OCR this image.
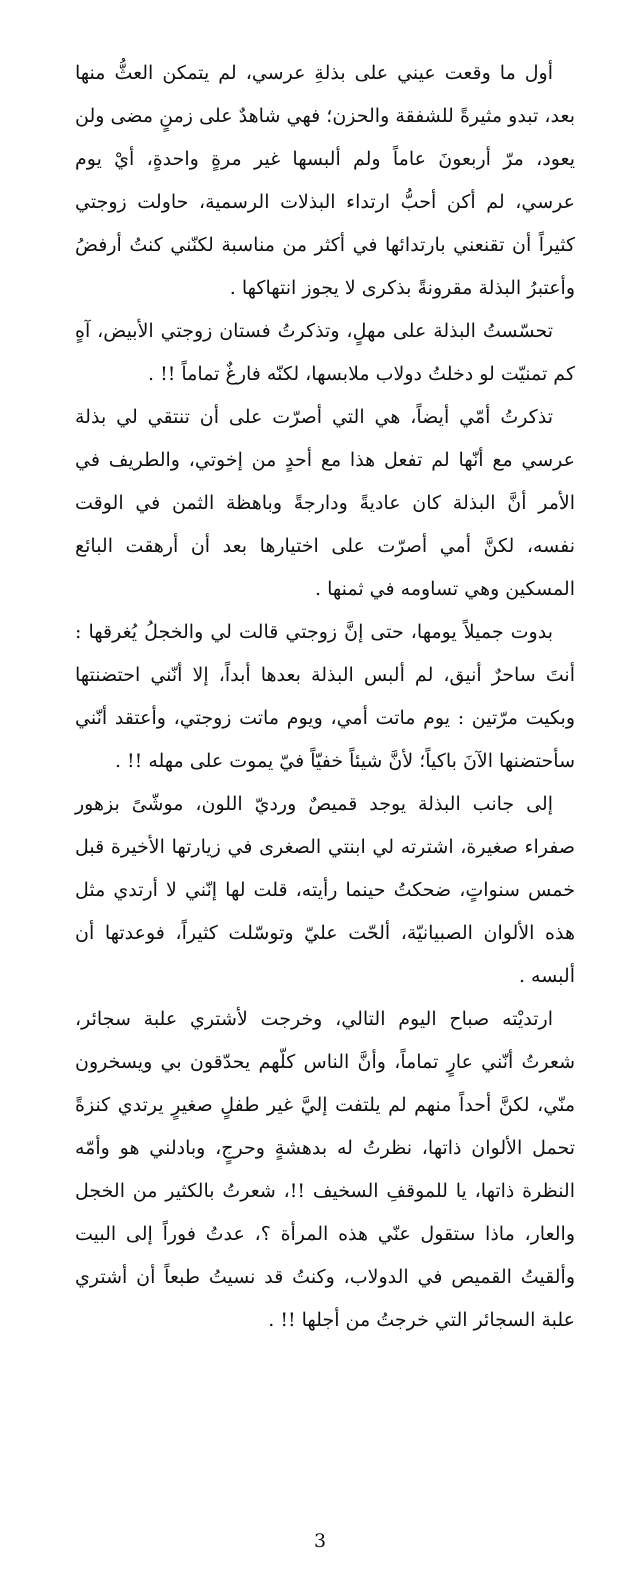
أول ما وقعت عيني على بذلةِ عرسي، لم يتمكن العثُّ منها بعد، تبدو مثيرةً للشفقة والحزن؛ فهي شاهدٌ على زمنٍ مضى ولن يعود، مرّ أربعونَ عاماً ولم ألبسها غير مرةٍ واحدةٍ، أيْ يوم عرسي، لم أكن أحبُّ ارتداء البذلات الرسمية، حاولت زوجتي كثيراً أن تقنعني بارتدائها في أكثر من مناسبة لكنّني كنتُ أرفضُ وأعتبرُ البذلة مقرونةً بذكرى لا يجوز انتهاكها .

تحسّستُ البذلة على مهلٍ، وتذكرتُ فستان زوجتي الأبيض، آهٍ كم تمنيّت لو دخلتُ دولاب ملابسها، لكنّه فارغٌ تماماً !! .

تذكرتُ أمّي أيضاً، هي التي أصرّت على أن تنتقي لي بذلة عرسي مع أنّها لم تفعل هذا مع أحدٍ من إخوتي، والطريف في الأمر أنَّ البذلة كان عاديةً ودارجةً وباهظة الثمن في الوقت نفسه، لكنَّ أمي أصرّت على اختيارها بعد أن أرهقت البائع المسكين وهي تساومه في ثمنها .

بدوت جميلاً يومها، حتى إنَّ زوجتي قالت لي والخجلُ يُغرقها : أنتَ ساحرٌ أنيق، لم ألبس البذلة بعدها أبداً، إلا أنّني احتضنتها وبكيت مرّتين : يوم ماتت أمي، ويوم ماتت زوجتي، وأعتقد أنّني سأحتضنها الآنَ باكياً؛ لأنَّ شيئاً خفيّاً فيّ يموت على مهله !! .

إلى جانب البذلة يوجد قميصٌ ورديّ اللون، موشّىً بزهور صفراء صغيرة، اشترته لي ابنتي الصغرى في زيارتها الأخيرة قبل خمس سنواتٍ، ضحكتُ حينما رأيته، قلت لها إنّني لا أرتدي مثل هذه الألوان الصبيانيّة، ألحّت عليّ وتوسّلت كثيراً، فوعدتها أن ألبسه .

ارتديْته صباح اليوم التالي، وخرجت لأشتري علبة سجائر، شعرتُ أنّني عارٍ تماماً، وأنَّ الناس كلّهم يحدّقون بي ويسخرون منّي، لكنَّ أحداً منهم لم يلتفت إليَّ غير طفلٍ صغيرٍ يرتدي كنزةً تحمل الألوان ذاتها، نظرتُ له بدهشةٍ وحرجٍ، وبادلني هو وأمّه النظرة ذاتها، يا للموقفِ السخيف !!، شعرتُ بالكثير من الخجل والعار، ماذا ستقول عنّي هذه المرأة ؟، عدتُ فوراً إلى البيت وألقيتُ القميص في الدولاب، وكنتُ قد نسيتُ طبعاً أن أشتري علبة السجائر التي خرجتُ من أجلها !! .

3
